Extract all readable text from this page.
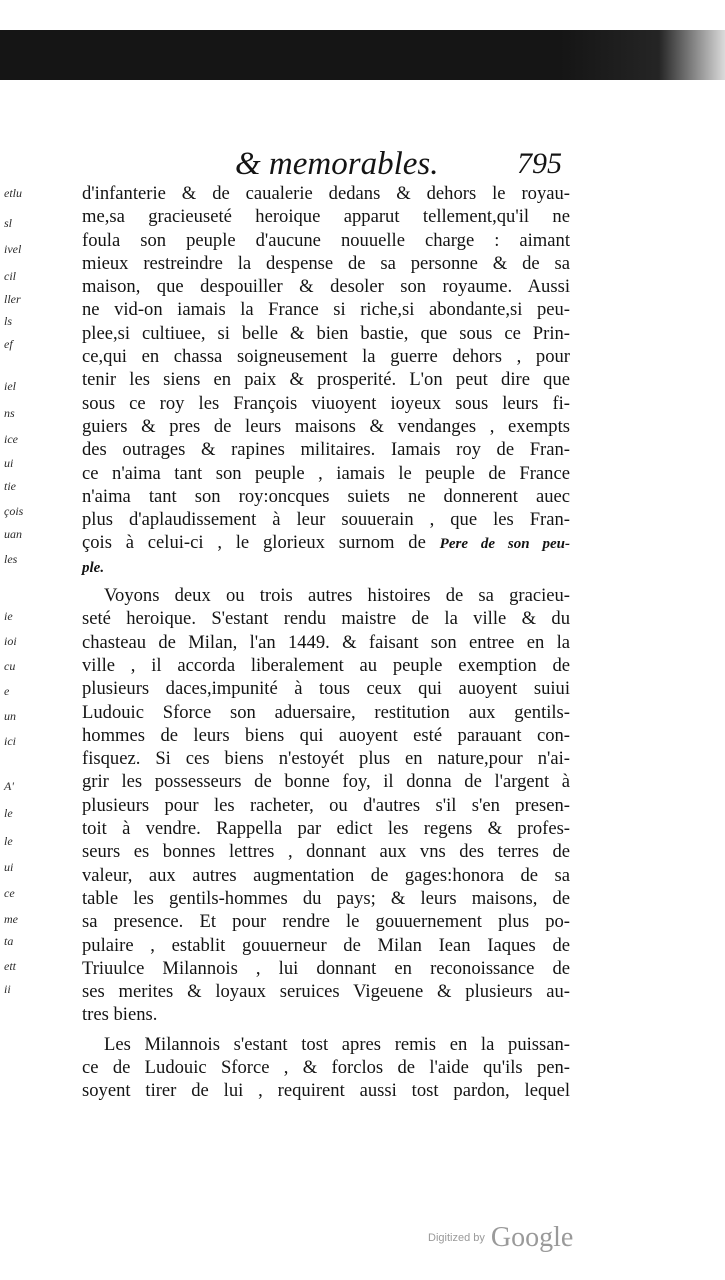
etlu
sl
ivel
cil
ller
ls
ef
iel
ns
ice
ui
tie
çois
uan
les
ie
ioi
cu
e
un
ici
A'
le
le
ui
ce
me
ta
ett
ii
& memorables.	795
d'infanterie & de caualerie dedans & dehors le royau-
me,sa gracieuseté heroique apparut tellement,qu'il ne
foula son peuple d'aucune nouuelle charge : aimant
mieux restreindre la despense de sa personne & de sa
maison, que despouiller & desoler son royaume. Aussi
ne vid-on iamais la France si riche,si abondante,si peu-
plee,si cultiuee, si belle & bien bastie, que sous ce Prin-
ce,qui en chassa soigneusement la guerre dehors , pour
tenir les siens en paix & prosperité. L'on peut dire que
sous ce roy les François viuoyent ioyeux sous leurs fi-
guiers & pres de leurs maisons & vendanges , exempts
des outrages & rapines militaires. Iamais roy de Fran-
ce n'aima tant son peuple , iamais le peuple de France
n'aima tant son roy:oncques suiets ne donnerent auec
plus d'aplaudissement à leur souuerain , que les Fran-
çois à celui-ci , le glorieux surnom de Pere de son peu-
ple.
Voyons deux ou trois autres histoires de sa gracieu-
seté heroique. S'estant rendu maistre de la ville & du
chasteau de Milan, l'an 1449. & faisant son entree en la
ville , il accorda liberalement au peuple exemption de
plusieurs daces,impunité à tous ceux qui auoyent suiui
Ludouic Sforce son aduersaire, restitution aux gentils-
hommes de leurs biens qui auoyent esté parauant con-
fisquez. Si ces biens n'estoyét plus en nature,pour n'ai-
grir les possesseurs de bonne foy, il donna de l'argent à
plusieurs pour les racheter, ou d'autres s'il s'en presen-
toit à vendre. Rappella par edict les regens & profes-
seurs es bonnes lettres , donnant aux vns des terres de
valeur, aux autres augmentation de gages:honora de sa
table les gentils-hommes du pays; & leurs maisons, de
sa presence. Et pour rendre le gouuernement plus po-
pulaire , establit gouuerneur de Milan Iean Iaques de
Triuulce Milannois , lui donnant en reconoissance de
ses merites & loyaux seruices Vigeuene & plusieurs au-
tres biens.
Les Milannois s'estant tost apres remis en la puissan-
ce de Ludouic Sforce , & forclos de l'aide qu'ils pen-
soyent tirer de lui , requirent aussi tost pardon, lequel
Digitized by Google
